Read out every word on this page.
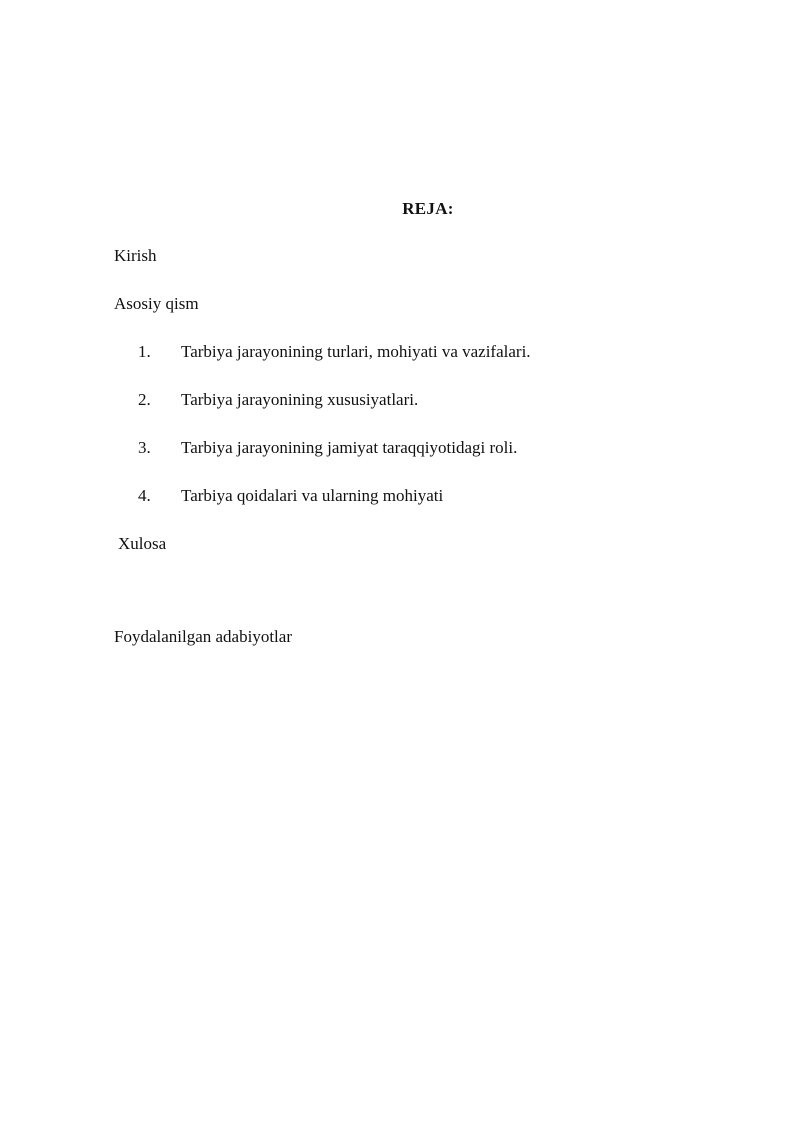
REJA:
Kirish
Asosiy qism
1. Tarbiya jarayonining turlari, mohiyati va vazifalari.
2. Tarbiya jarayonining xususiyatlari.
3. Tarbiya jarayonining jamiyat taraqqiyotidagi roli.
4. Tarbiya qoidalari va ularning mohiyati
Xulosa
Foydalanilgan adabiyotlar
